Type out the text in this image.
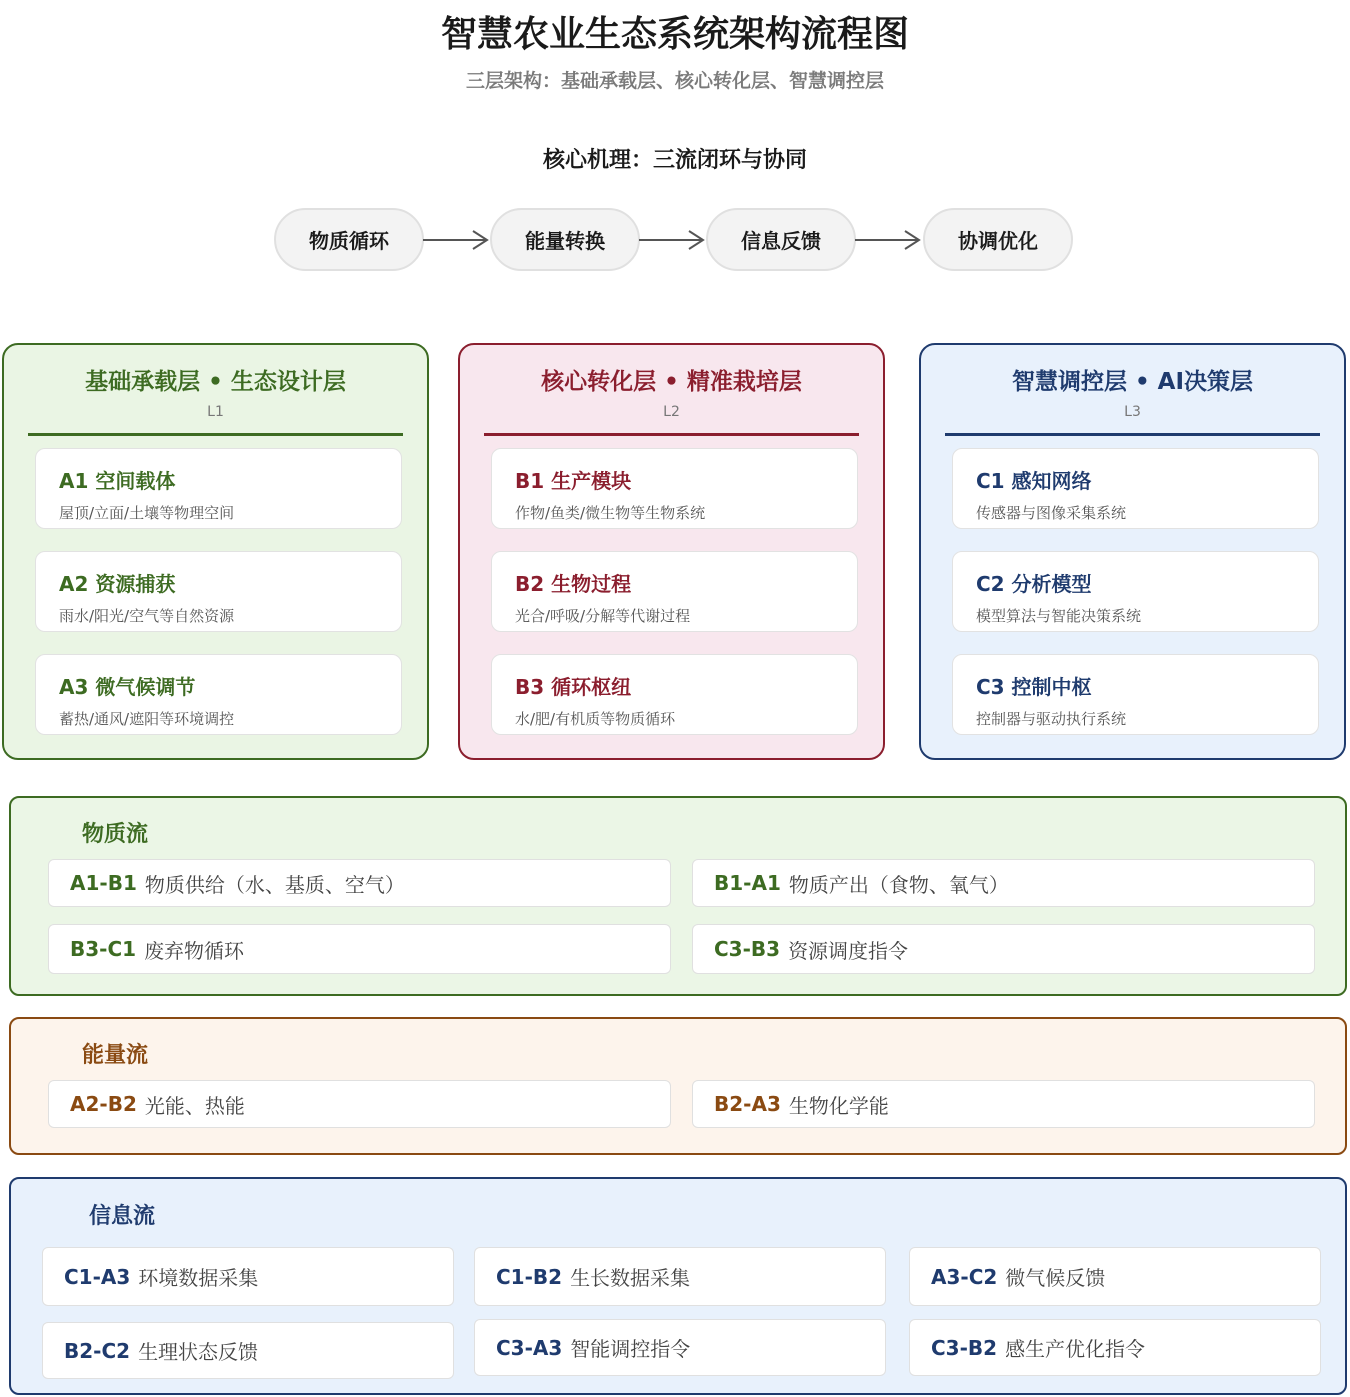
智慧农业生态系统架构流程图
三层架构：基础承载层、核心转化层、智慧调控层
核心机理：三流闭环与协同
物质循环	能量转换	信息反馈	协调优化
基础承载层 • 生态设计层
L1
A1 空间载体
屋顶/立面/土壤等物理空间
A2 资源捕获
雨水/阳光/空气等自然资源
A3 微气候调节
蓄热/通风/遮阳等环境调控
核心转化层 • 精准栽培层
L2
B1 生产模块
作物/鱼类/微生物等生物系统
B2 生物过程
光合/呼吸/分解等代谢过程
B3 循环枢纽
水/肥/有机质等物质循环
智慧调控层 • AI决策层
L3
C1 感知网络
传感器与图像采集系统
C2 分析模型
模型算法与智能决策系统
C3 控制中枢
控制器与驱动执行系统
物质流
A1-B1 物质供给（水、基质、空气）	B1-A1 物质产出（食物、氧气）
B3-C1 废弃物循环	C3-B3 资源调度指令
能量流
A2-B2 光能、热能	B2-A3 生物化学能
信息流
C1-A3 环境数据采集	C1-B2 生长数据采集	A3-C2 微气候反馈
B2-C2 生理状态反馈	C3-A3 智能调控指令	C3-B2 感生产优化指令
